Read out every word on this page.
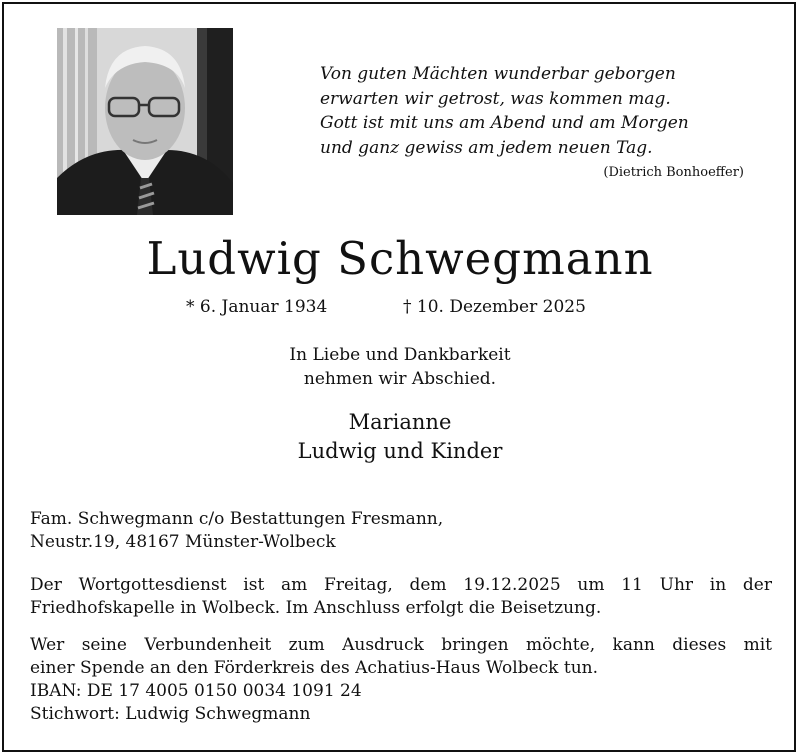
Von guten Mächten wunderbar geborgen
erwarten wir getrost, was kommen mag.
Gott ist mit uns am Abend und am Morgen
und ganz gewiss am jedem neuen Tag.
(Dietrich Bonhoeffer)
Ludwig Schwegmann
* 6. Januar 1934	† 10. Dezember 2025
In Liebe und Dankbarkeit
nehmen wir Abschied.
Marianne
Ludwig und Kinder
Fam. Schwegmann c/o Bestattungen Fresmann,
Neustr.19, 48167 Münster-Wolbeck
Der Wortgottesdienst ist am Freitag, dem 19.12.2025 um 11 Uhr in der
Friedhofskapelle in Wolbeck. Im Anschluss erfolgt die Beisetzung.
Wer seine Verbundenheit zum Ausdruck bringen möchte, kann dieses mit
einer Spende an den Förderkreis des Achatius-Haus Wolbeck tun.
IBAN: DE 17 4005 0150 0034 1091 24
Stichwort: Ludwig Schwegmann
